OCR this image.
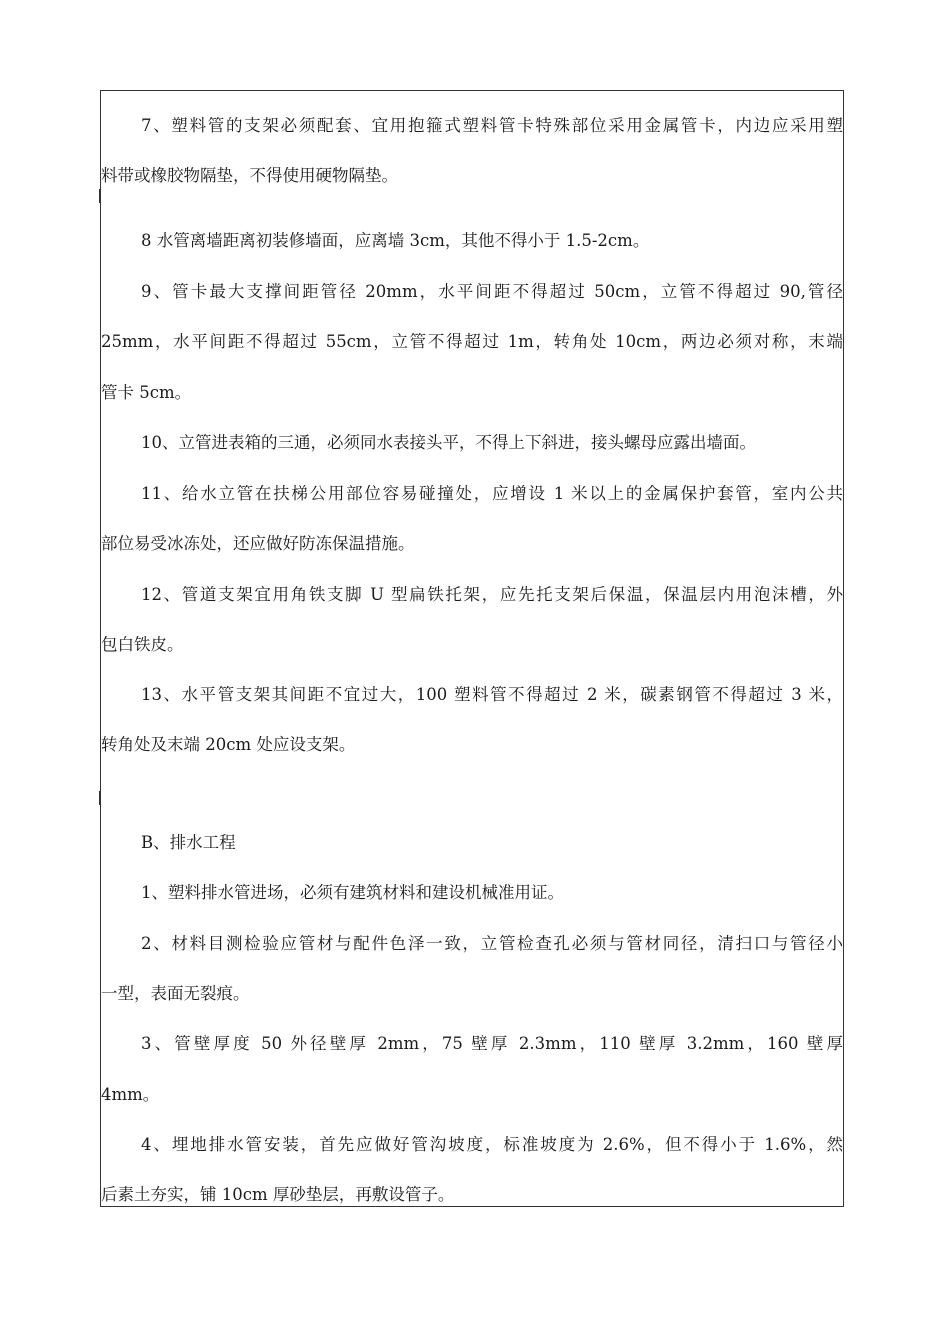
7、塑料管的支架必须配套、宜用抱箍式塑料管卡特殊部位采用金属管卡，内边应采用塑
料带或橡胶物隔垫，不得使用硬物隔垫。
8 水管离墙距离初装修墙面，应离墙 3cm，其他不得小于 1.5-2cm。
9、管卡最大支撑间距管径 20mm，水平间距不得超过 50cm，立管不得超过 90,管径
25mm，水平间距不得超过 55cm，立管不得超过 1m，转角处 10cm，两边必须对称，末端
管卡 5cm。
10、立管进表箱的三通，必须同水表接头平，不得上下斜进，接头螺母应露出墙面。
11、给水立管在扶梯公用部位容易碰撞处，应增设 1 米以上的金属保护套管，室内公共
部位易受冰冻处，还应做好防冻保温措施。
12、管道支架宜用角铁支脚 U 型扁铁托架，应先托支架后保温，保温层内用泡沫槽，外
包白铁皮。
13、水平管支架其间距不宜过大，100 塑料管不得超过 2 米，碳素钢管不得超过 3 米，
转角处及末端 20cm 处应设支架。
B、排水工程
1、塑料排水管进场，必须有建筑材料和建设机械准用证。
2、材料目测检验应管材与配件色泽一致，立管检查孔必须与管材同径，清扫口与管径小
一型，表面无裂痕。
3、管壁厚度 50 外径壁厚 2mm，75 壁厚 2.3mm，110 壁厚 3.2mm，160 壁厚
4mm。
4、埋地排水管安装，首先应做好管沟坡度，标准坡度为 2.6%，但不得小于 1.6%，然
后素土夯实，铺 10cm 厚砂垫层，再敷设管子。
